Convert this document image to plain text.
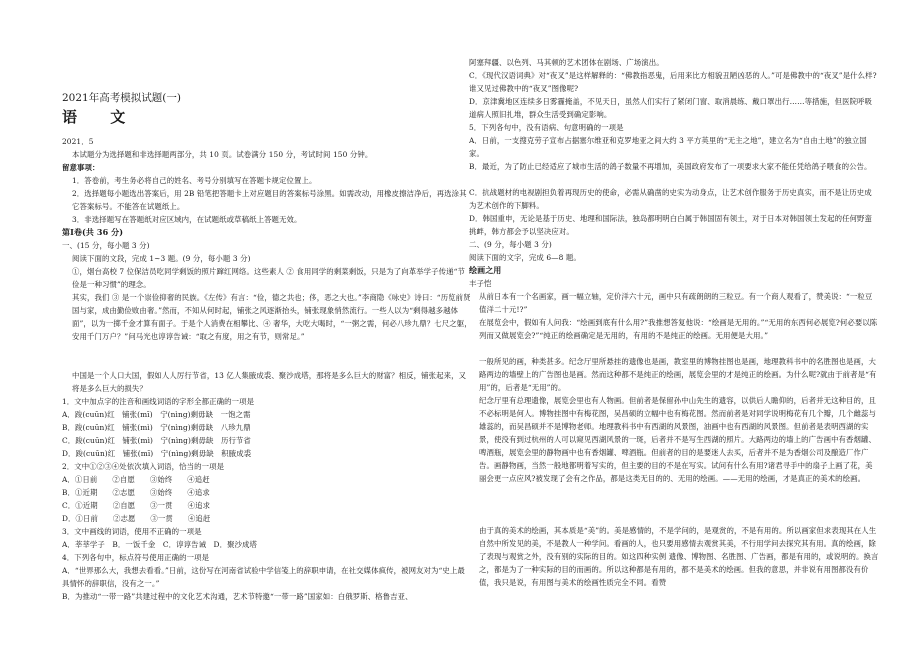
2021年高考模拟试题(一)
语 文
2021．5
本试题分为选择题和非选择题两部分，共 10 页。试卷满分 150 分，考试时间 150 分钟。
留意事项：
1．答卷前，考生务必将自己的姓名、考号分别填写在答题卡规定位置上。
2．选择题每小题选出答案后，用 2B 铅笔把答题卡上对应题目的答案标号涂黑。如需改动，用橡皮擦洁净后，再选涂其它答案标号。不能答在试题纸上。
3．非选择题写在答题纸对应区域内，在试题纸或草稿纸上答题无效。
第Ⅰ卷(共 36 分)
一、(15 分，每小题 3 分)
阅读下面的文段，完成 1~3 题。(9 分，每小题 3 分)
①，烟台高校 7 位保洁员吃同学剩饭的照片蹿红网络。这些素人 ② 食用同学的剩菜剩饭，只是为了向革举学子传递“节俭是一种习惯”的理念。
其实，我们 ③ 是一个崇俭抑奢的民族。《左传》有言：“俭，德之共也；侈，恶之大也。”李商隐《咏史》诗曰：“历览前贤国与家，成由勤俭败由奢。”然而，不知从何时起，铺张之风逐渐抬头，铺张现象悄然流行。一些人以为“剩得越多越体面”，以为一掷千金才算有面子。于是个人消费在相攀比、④ 奢华，大吃大喝时，“一粥之需，何必八珍九鼎？七尺之躯，安用千门万户？”问马光也谆谆告诫：“取之有度，用之有节，则常足。”
中国是一个人口大国，假如人人厉行节省，13 亿人集腋成裘、聚沙成塔，那将是多么巨大的财富？相反，铺张起来，又将是多么巨大的损失？
1．文中加点字的注音和画线词语的字形全都正确的一项是
A．踆(cuūn)红　铺张(mī)　宁(nìng)剩毋缺　一饱之需
B．踆(cuūn)红　铺张(mì)　宁(nìng)剩毋缺　八珍九鼎
C．踆(cuūn)红　铺张(mì)　宁(nìng)剩毋缺　历行节省
D．踆(cuūn)红　铺张(mī)　宁(nìng)剩毋缺　积腋成裘
2．文中①②③④处依次填入词语，恰当的一项是
A．①日前　　②自愿　　③始终　　④追赶
B．①近期　　②志愿　　③始终　　④追求
C．①近期　　②自愿　　③一贯　　④追求
D．①日前　　②志愿　　③一贯　　④追赶
3．文中画线的词语，使用不正确的一项是
A．莘莘学子　B．一饭千金　C．谆谆告诫　D．聚沙成塔
4．下列各句中，标点符号使用正确的一项是
A．“世界那么大，我想去看看。”日前，这份写在河南省试验中学信笺上的辞职申请，在社交媒体疯传，被网友对为“史上最具情怀的辞职信，没有之一。”
B．为推动“一带一路”共建过程中的文化艺术沟通，艺术节特邀“一带一路”国家如：白俄罗斯、格鲁吉亚、
阿塞拜疆、以色列、马其顿的艺术团体在剧场、广场演出。
C．《现代汉语词典》对“夜叉”是这样解释的：“佛教指恶鬼，后用来比方相貌丑陋凶恶的人。”可是佛教中的“夜叉”是什么样?谁又见过佛教中的“夜叉”图像呢?
D．京津冀地区连续多日雾霾掩盖，不见天日，虽然人们实行了紧闭门窗、取消晨练、戴口罩出行……等措施，但医院呼吸道病人照旧扎堆，群众生活受到确定影响。
5．下列各句中，没有语病、句意明确的一项是
A．日前，一支搜克劳子宣布占据塞尔维亚和克罗地亚之间大约 3 平方英里的“无主之地”，建立名为“自由土地”的独立国家。
B．最近，为了防止已经适应了城市生活的鸽子数量不再增加，美国政府发布了一项要求大家不能任凭给鸽子喂食的公告。
C．抗战题材的电视剧担负着再现历史的使命，必需从确凿的史实为动身点，让艺术创作服务于历史真实，而不是让历史成为艺术创作的下脚料。
D．韩国重申，无论是基于历史、地理和国际法，独岛都明明白白属于韩国固有领土，对于日本对韩国领土发起的任何野蛮挑衅，韩方都会予以坚决应对。
二、(9 分，每小题 3 分)
阅读下面的文字，完成 6—8 题。
绘画之用
丰子恺
从前日本有一个名画家，画一幅立轴，定价洋六十元，画中只有疏朗朗的三粒豆。有一个商人观看了，赞美说：“一粒豆值洋二十元!?”
在展览会中，假如有人问我：“绘画到底有什么用?”我推想答复他说：“绘画是无用的。”“无用的东西何必展览?何必要以陈列而又做展览会?”“纯正的绘画确定是无用的，有用的不是纯正的绘画。无用便是大用。”
一般所见的画，种类甚多。纪念厅里所悬挂的遗像也是画，教室里的博物挂图也是画，地理教科书中的名胜图也是画，大路两边的墙壁上的广告图也是画。然而这种都不是纯正的绘画，展览会里的才是纯正的绘画。为什么呢?就由于前者是“有用”的，后者是“无用”的。
纪念厅里有总理遗像，展览会里也有人物画。但前者是保留孙中山先生的遗容，以供后人瞻仰的，后者并无这种目的，且不必标明是何人。博物挂图中有梅花图，吴昌硕的立幅中也有梅花图。然而前者是对同学说明梅花有几个瓣，几个雌蕊与雄蕊的，而吴昌硕并不是博物老师。地理教科书中有西湖的风景图，油画中也有西湖的风景图。但前者是表明西湖的实景，使没有到过杭州的人可以窥见西湖风景的一斑，后者并不是写生西湖的照片。大路两边的墙上的广告画中有香烟罐、啤酒瓶，展览会里的静物画中也有香烟罐、啤酒瓶。但前者的目的是要迷人去买，后者并不是为香烟公司及酿造厂作广告。画静物画，当然一般地都明着写实的，但主要的目的不是在写实。试问有什么有用?诸君寻手中的扇子上画了花，美丽会更一点应风?被发现了会有之作品，都是这类无目的的、无用的绘画。——无用的绘画，才是真正的美术的绘画。
由于真的美术的绘画，其本质是“美”的。美是感情的，不是学问的，是观赏的，不是有用的。所以画家但求表现其在人生自然中所发见的美，不是教人一种学问。看画的人，也只要用感情去观赏其美，不行用学问去探究其有用。真的绘画，除了表现与观赏之外，没有别的实际的目的。如这四种实例 遗像、博物图、名胜图、广告画，都是有用的，或说明的。换言之，都是为了一种实际的目的而画的。所以这种都是有用的，都不是美术的绘画。但我的意思，并非说有用图都没有价值，我只是说，有用图与美术的绘画性质完全不同。看赞
